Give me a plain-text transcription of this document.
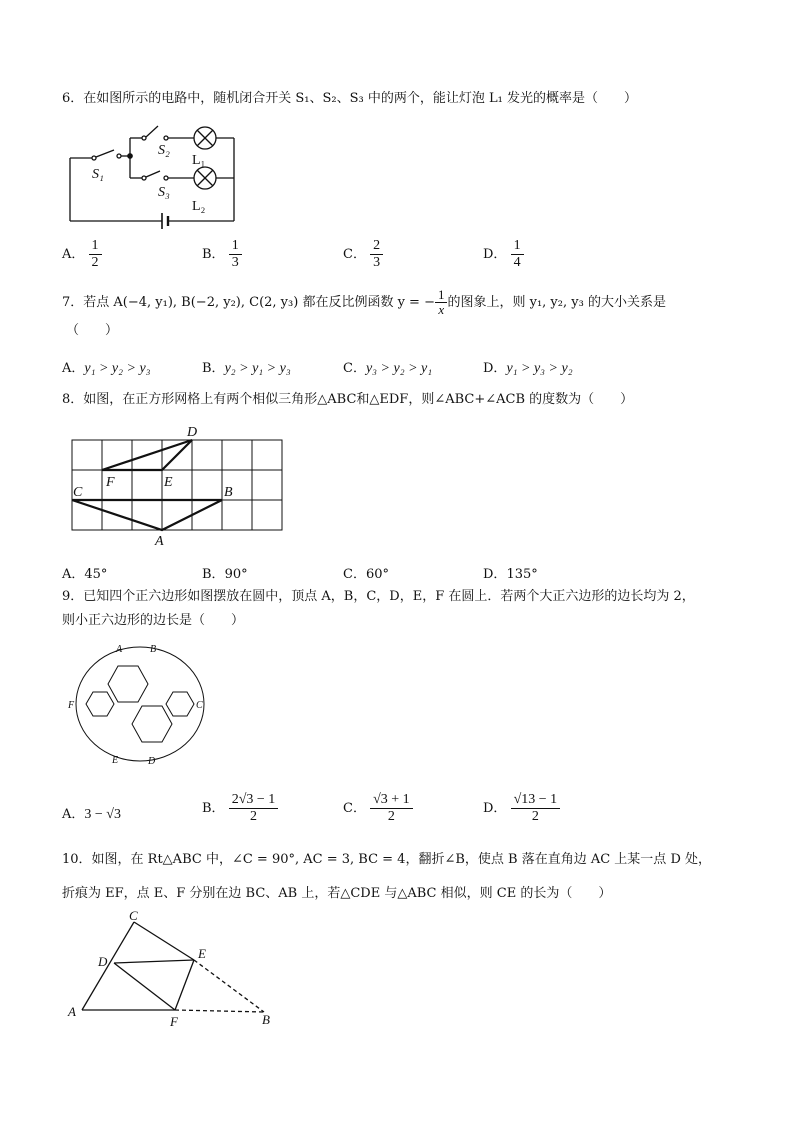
6．在如图所示的电路中，随机闭合开关 S₁、S₂、S₃ 中的两个，能让灯泡 L₁ 发光的概率是（　　）
S₁
S₂
S₃
L₁
L₂
A． $\frac{1}{2}$	B． $\frac{1}{3}$	C． $\frac{2}{3}$	D． $\frac{1}{4}$
7．若点 A(−4, y₁), B(−2, y₂), C(2, y₃) 都在反比例函数 y = − $\frac{1}{x}$ 的图象上，则 y₁, y₂, y₃ 的大小关系是
（　　）
A．y₁ > y₂ > y₃	B．y₂ > y₁ > y₃	C．y₃ > y₂ > y₁	D．y₁ > y₃ > y₂
8．如图，在正方形网格上有两个相似三角形△ABC和△EDF，则∠ABC+∠ACB 的度数为（　　）
D
F	E
C	B
A
A．45°	B．90°	C．60°	D．135°
9．已知四个正六边形如图摆放在圆中，顶点 A，B，C，D，E，F 在圆上．若两个大正六边形的边长均为 2，
则小正六边形的边长是（　　）
A	B
C
F
E	D
A．3 − √3	B． $\frac{2√3 - 1}{2}$	C． $\frac{√3 + 1}{2}$	D． $\frac{√13 - 1}{2}$
10．如图，在 Rt△ABC 中，∠C = 90°, AC = 3, BC = 4，翻折∠B，使点 B 落在直角边 AC 上某一点 D 处，
折痕为 EF，点 E、F 分别在边 BC、AB 上，若△CDE 与△ABC 相似，则 CE 的长为（　　）
C
D
E
A
F	B
